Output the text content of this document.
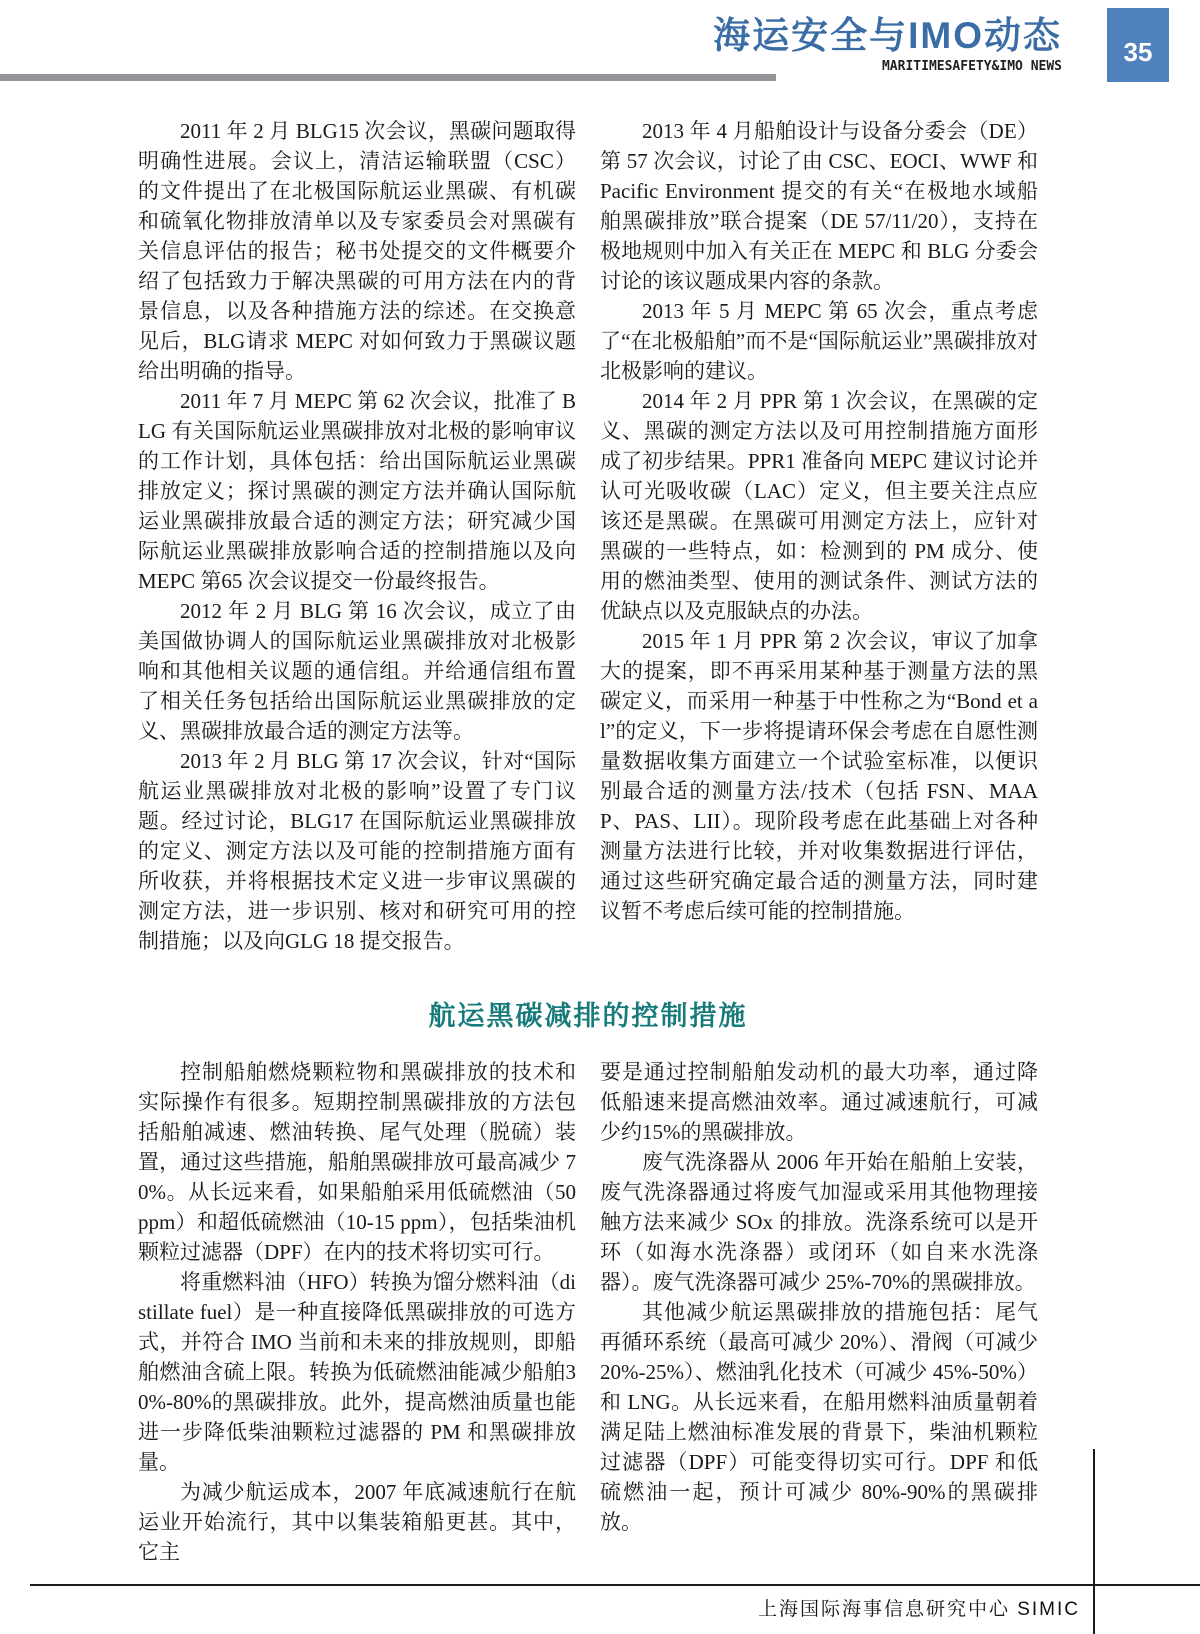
海运安全与IMO动态
MARITIMESAFETY&IMO NEWS 35

2011 年 2 月 BLG15 次会议，黑碳问题取得明确性进展。会议上，清洁运输联盟（CSC）的文件提出了在北极国际航运业黑碳、有机碳和硫氧化物排放清单以及专家委员会对黑碳有关信息评估的报告；秘书处提交的文件概要介绍了包括致力于解决黑碳的可用方法在内的背景信息，以及各种措施方法的综述。在交换意见后，BLG请求 MEPC 对如何致力于黑碳议题给出明确的指导。

2011 年 7 月 MEPC 第 62 次会议，批准了 BLG 有关国际航运业黑碳排放对北极的影响审议的工作计划，具体包括：给出国际航运业黑碳排放定义；探讨黑碳的测定方法并确认国际航运业黑碳排放最合适的测定方法；研究减少国际航运业黑碳排放影响合适的控制措施以及向 MEPC 第65 次会议提交一份最终报告。

2012 年 2 月 BLG 第 16 次会议，成立了由美国做协调人的国际航运业黑碳排放对北极影响和其他相关议题的通信组。并给通信组布置了相关任务包括给出国际航运业黑碳排放的定义、黑碳排放最合适的测定方法等。

2013 年 2 月 BLG 第 17 次会议，针对“国际航运业黑碳排放对北极的影响”设置了专门议题。经过讨论，BLG17 在国际航运业黑碳排放的定义、测定方法以及可能的控制措施方面有所收获，并将根据技术定义进一步审议黑碳的测定方法，进一步识别、核对和研究可用的控制措施；以及向GLG 18 提交报告。

2013 年 4 月船舶设计与设备分委会（DE）第 57 次会议，讨论了由 CSC、EOCI、WWF 和 Pacific Environment 提交的有关“在极地水域船舶黑碳排放”联合提案（DE 57/11/20），支持在极地规则中加入有关正在 MEPC 和 BLG 分委会讨论的该议题成果内容的条款。

2013 年 5 月 MEPC 第 65 次会，重点考虑了“在北极船舶”而不是“国际航运业”黑碳排放对北极影响的建议。

2014 年 2 月 PPR 第 1 次会议，在黑碳的定义、黑碳的测定方法以及可用控制措施方面形成了初步结果。PPR1 准备向 MEPC 建议讨论并认可光吸收碳（LAC）定义，但主要关注点应该还是黑碳。在黑碳可用测定方法上，应针对黑碳的一些特点，如：检测到的 PM 成分、使用的燃油类型、使用的测试条件、测试方法的优缺点以及克服缺点的办法。

2015 年 1 月 PPR 第 2 次会议，审议了加拿大的提案，即不再采用某种基于测量方法的黑碳定义，而采用一种基于中性称之为“Bond et al”的定义，下一步将提请环保会考虑在自愿性测量数据收集方面建立一个试验室标准，以便识别最合适的测量方法/技术（包括 FSN、MAAP、PAS、LII）。现阶段考虑在此基础上对各种测量方法进行比较，并对收集数据进行评估，通过这些研究确定最合适的测量方法，同时建议暂不考虑后续可能的控制措施。

航运黑碳减排的控制措施

控制船舶燃烧颗粒物和黑碳排放的技术和实际操作有很多。短期控制黑碳排放的方法包括船舶减速、燃油转换、尾气处理（脱硫）装置，通过这些措施，船舶黑碳排放可最高减少 70%。从长远来看，如果船舶采用低硫燃油（50 ppm）和超低硫燃油（10-15 ppm），包括柴油机颗粒过滤器（DPF）在内的技术将切实可行。

将重燃料油（HFO）转换为馏分燃料油（distillate fuel）是一种直接降低黑碳排放的可选方式，并符合 IMO 当前和未来的排放规则，即船舶燃油含硫上限。转换为低硫燃油能减少船舶30%-80%的黑碳排放。此外，提高燃油质量也能进一步降低柴油颗粒过滤器的 PM 和黑碳排放量。

为减少航运成本，2007 年底减速航行在航运业开始流行，其中以集装箱船更甚。其中，它主

要是通过控制船舶发动机的最大功率，通过降低船速来提高燃油效率。通过减速航行，可减少约15%的黑碳排放。

废气洗涤器从 2006 年开始在船舶上安装，废气洗涤器通过将废气加湿或采用其他物理接触方法来减少 SOx 的排放。洗涤系统可以是开环（如海水洗涤器）或闭环（如自来水洗涤器）。废气洗涤器可减少 25%-70%的黑碳排放。

其他减少航运黑碳排放的措施包括：尾气再循环系统（最高可减少 20%）、滑阀（可减少20%-25%）、燃油乳化技术（可减少 45%-50%）和 LNG。从长远来看，在船用燃料油质量朝着满足陆上燃油标准发展的背景下，柴油机颗粒过滤器（DPF）可能变得切实可行。DPF 和低硫燃油一起，预计可减少 80%-90%的黑碳排放。

上海国际海事信息研究中心 SIMIC
